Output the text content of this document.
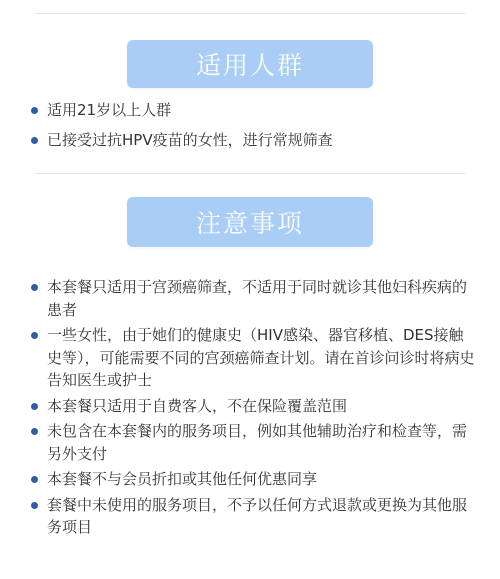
适用人群
适用21岁以上人群
已接受过抗HPV疫苗的女性，进行常规筛查
注意事项
本套餐只适用于宫颈癌筛查，不适用于同时就诊其他妇科疾病的患者
一些女性，由于她们的健康史（HIV感染、器官移植、DES接触史等），可能需要不同的宫颈癌筛查计划。请在首诊问诊时将病史告知医生或护士
本套餐只适用于自费客人，不在保险覆盖范围
未包含在本套餐内的服务项目，例如其他辅助治疗和检查等，需另外支付
本套餐不与会员折扣或其他任何优惠同享
套餐中未使用的服务项目，不予以任何方式退款或更换为其他服务项目
